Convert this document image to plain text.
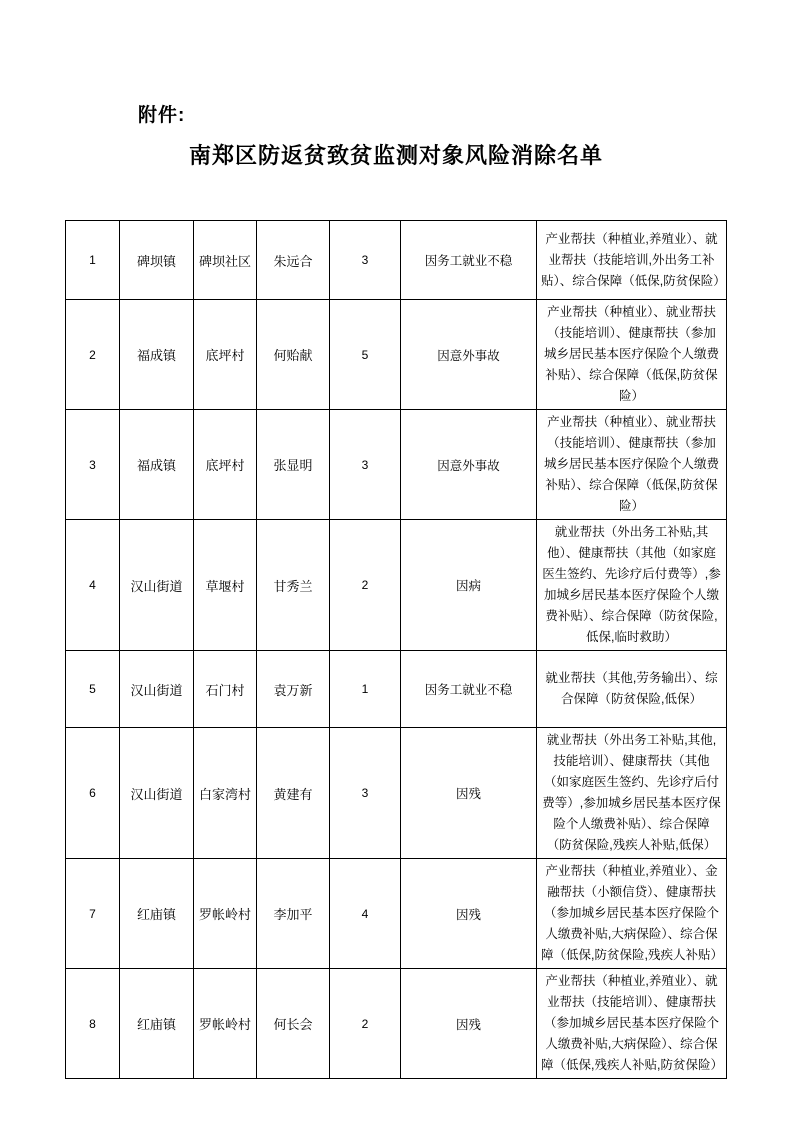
附件:
南郑区防返贫致贫监测对象风险消除名单
1	碑坝镇	碑坝社区	朱远合	3	因务工就业不稳	产业帮扶（种植业,养殖业）、就业帮扶（技能培训,外出务工补贴）、综合保障（低保,防贫保险）
2	福成镇	底坪村	何贻献	5	因意外事故	产业帮扶（种植业）、就业帮扶（技能培训）、健康帮扶（参加城乡居民基本医疗保险个人缴费补贴）、综合保障（低保,防贫保险）
3	福成镇	底坪村	张显明	3	因意外事故	产业帮扶（种植业）、就业帮扶（技能培训）、健康帮扶（参加城乡居民基本医疗保险个人缴费补贴）、综合保障（低保,防贫保险）
4	汉山街道	草堰村	甘秀兰	2	因病	就业帮扶（外出务工补贴,其他）、健康帮扶（其他（如家庭医生签约、先诊疗后付费等）,参加城乡居民基本医疗保险个人缴费补贴）、综合保障（防贫保险,低保,临时救助）
5	汉山街道	石门村	袁万新	1	因务工就业不稳	就业帮扶（其他,劳务输出）、综合保障（防贫保险,低保）
6	汉山街道	白家湾村	黄建有	3	因残	就业帮扶（外出务工补贴,其他,技能培训）、健康帮扶（其他（如家庭医生签约、先诊疗后付费等）,参加城乡居民基本医疗保险个人缴费补贴）、综合保障（防贫保险,残疾人补贴,低保）
7	红庙镇	罗帐岭村	李加平	4	因残	产业帮扶（种植业,养殖业）、金融帮扶（小额信贷）、健康帮扶（参加城乡居民基本医疗保险个人缴费补贴,大病保险）、综合保障（低保,防贫保险,残疾人补贴）
8	红庙镇	罗帐岭村	何长会	2	因残	产业帮扶（种植业,养殖业）、就业帮扶（技能培训）、健康帮扶（参加城乡居民基本医疗保险个人缴费补贴,大病保险）、综合保障（低保,残疾人补贴,防贫保险）
